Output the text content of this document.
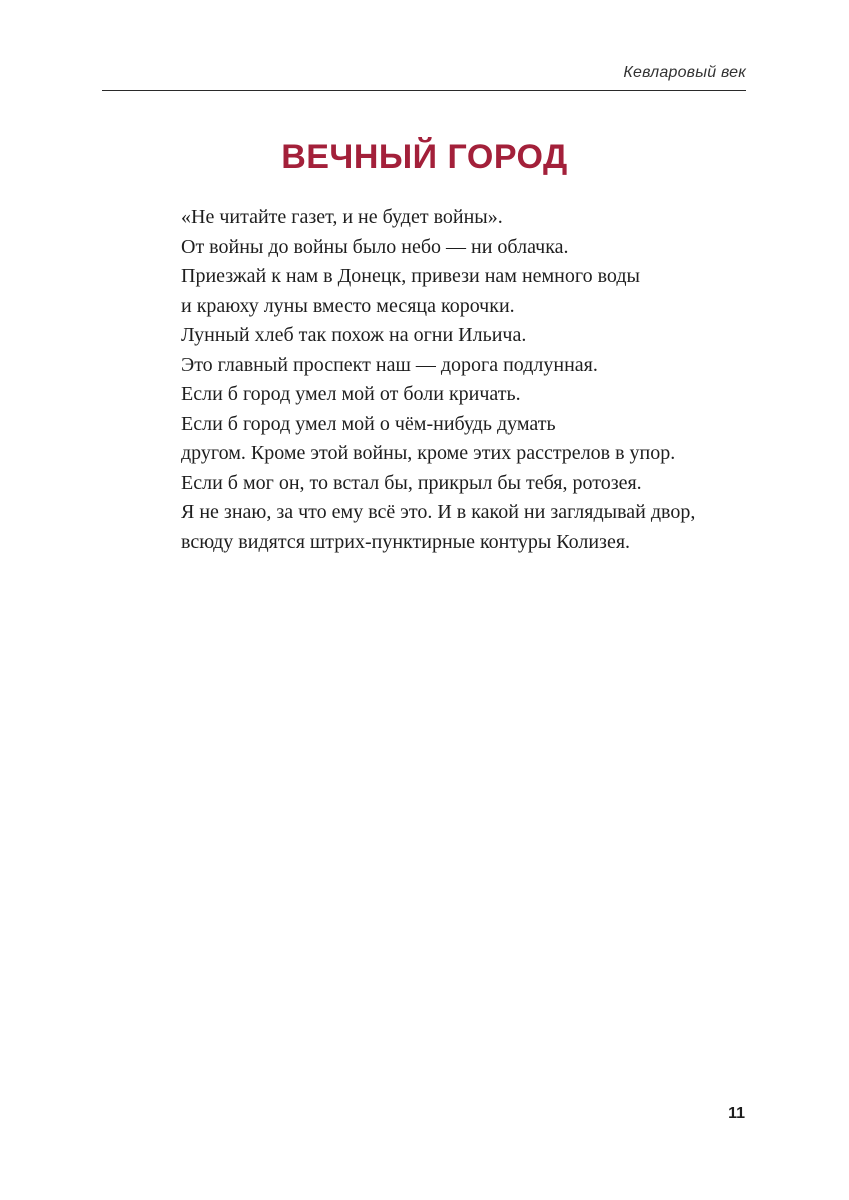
Кевларовый век
ВЕЧНЫЙ ГОРОД
«Не читайте газет, и не будет войны».
От войны до войны было небо — ни облачка.
Приезжай к нам в Донецк, привези нам немного воды
и краюху луны вместо месяца корочки.
Лунный хлеб так похож на огни Ильича.
Это главный проспект наш — дорога подлунная.
Если б город умел мой от боли кричать.
Если б город умел мой о чём-нибудь думать
другом. Кроме этой войны, кроме этих расстрелов в упор.
Если б мог он, то встал бы, прикрыл бы тебя, ротозея.
Я не знаю, за что ему всё это. И в какой ни заглядывай двор,
всюду видятся штрих-пунктирные контуры Колизея.
11
